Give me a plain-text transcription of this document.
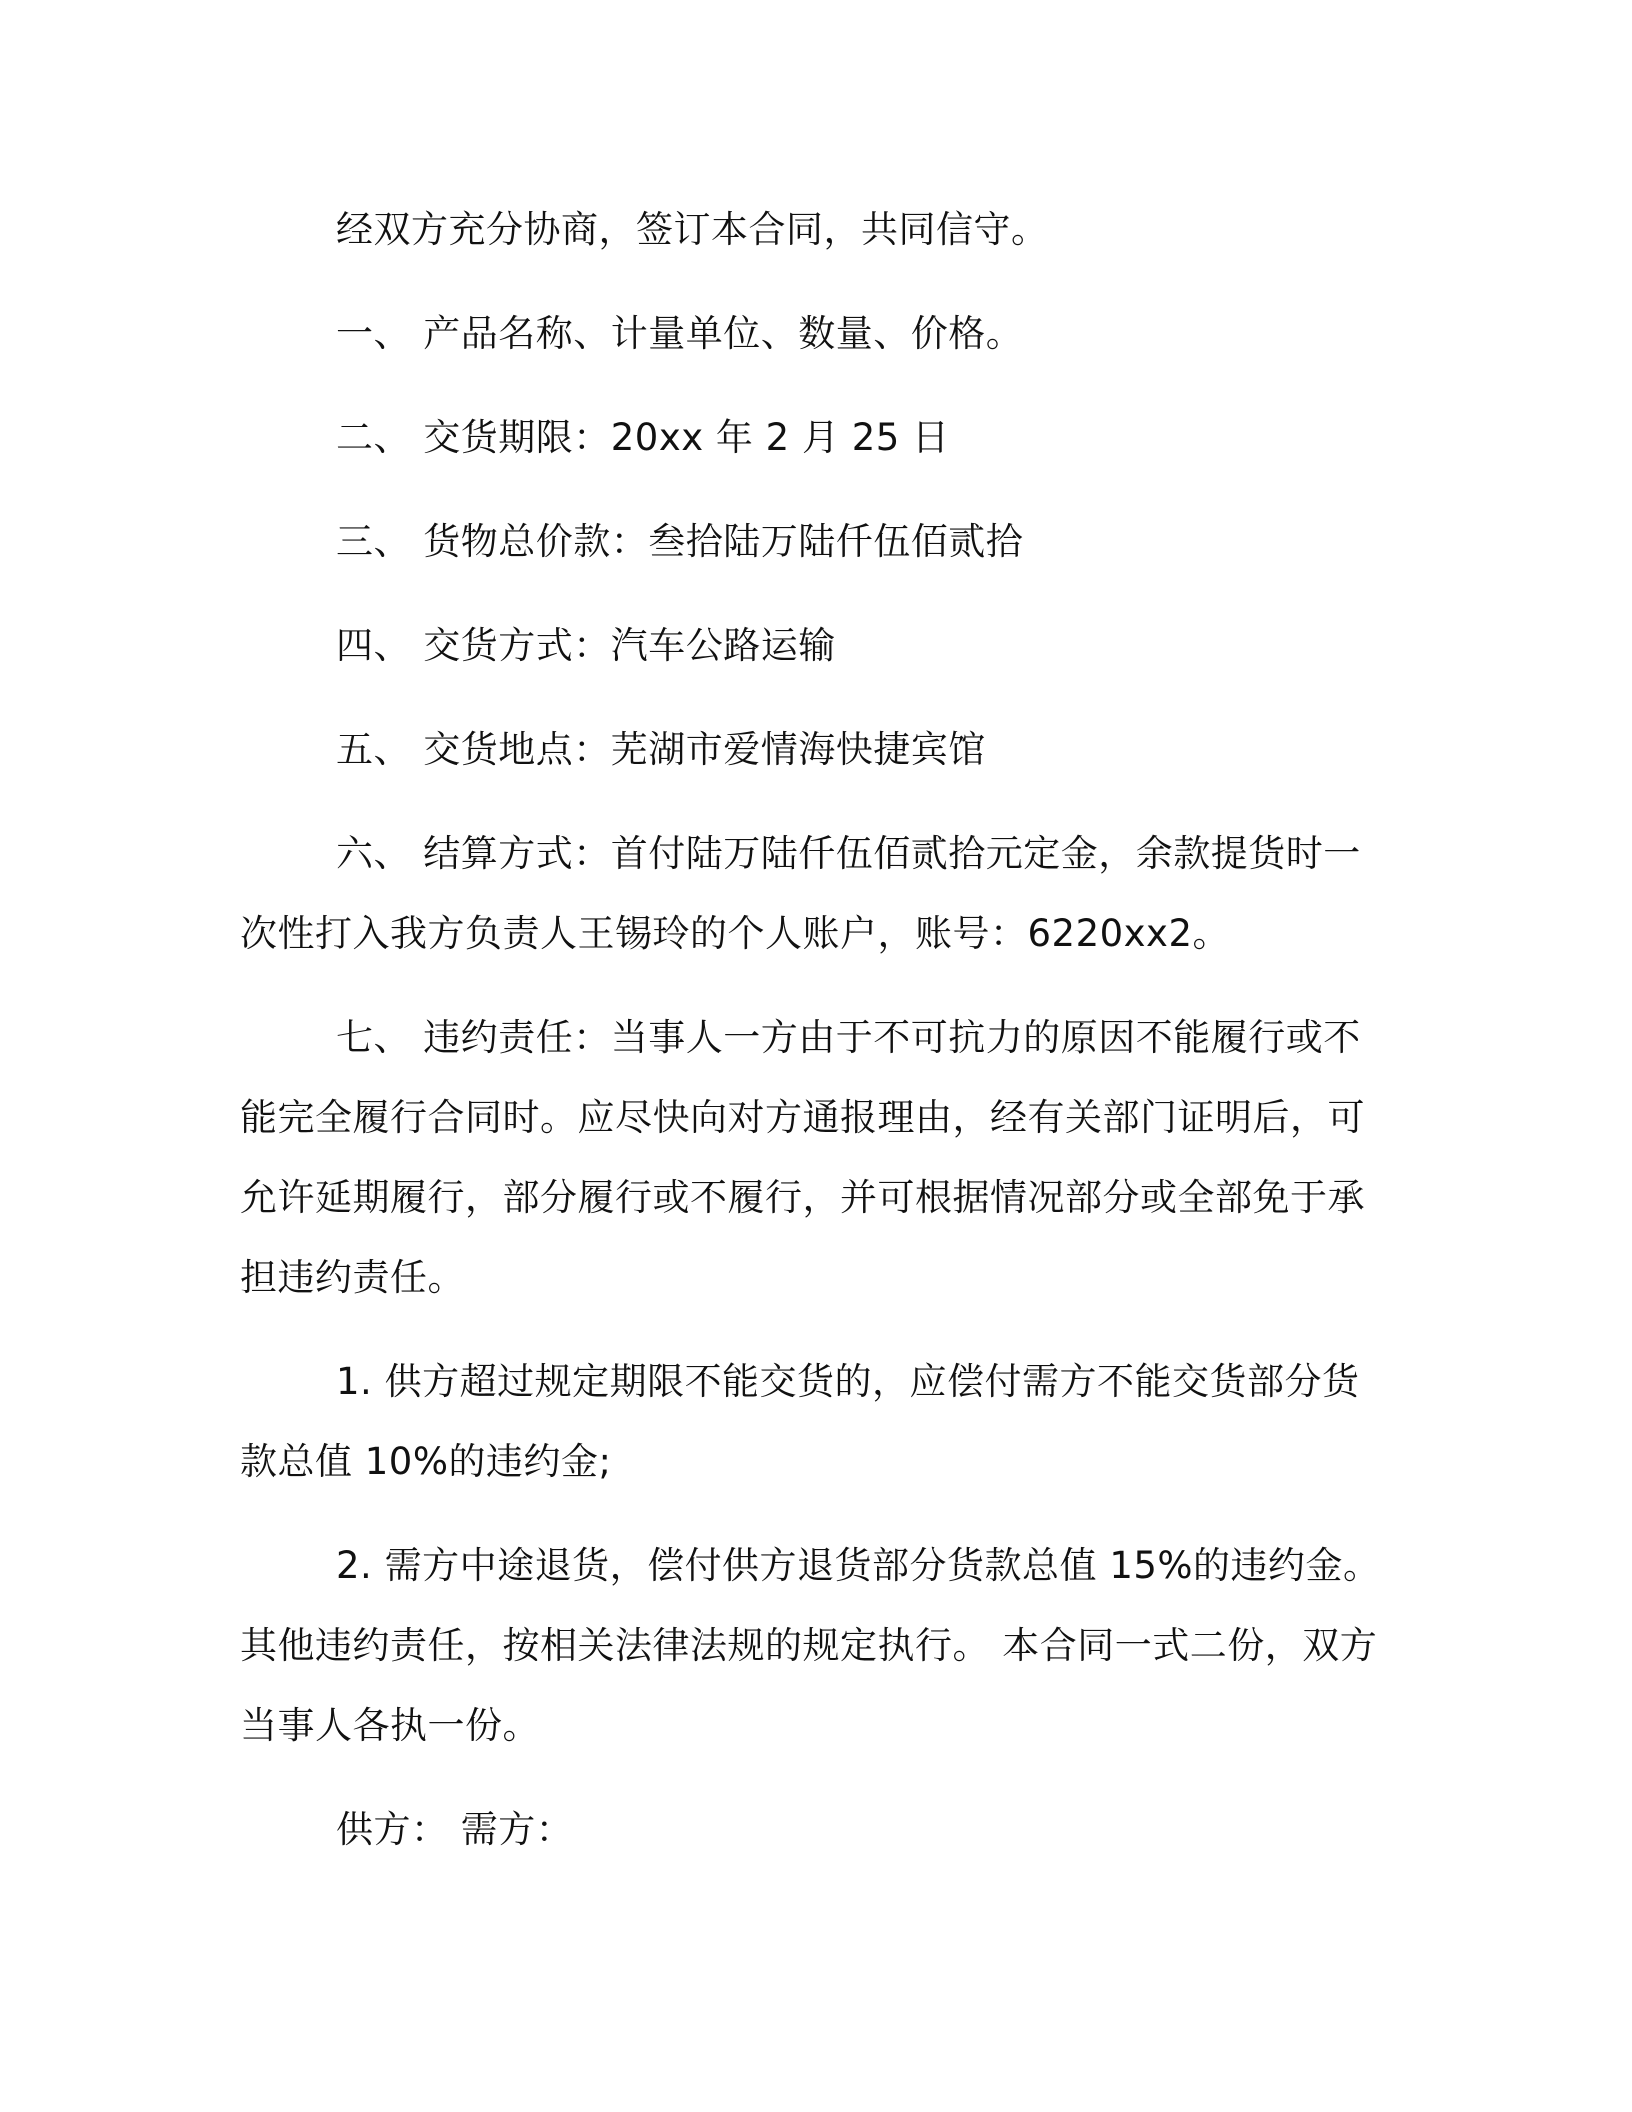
经双方充分协商，签订本合同，共同信守。

一、 产品名称、计量单位、数量、价格。

二、 交货期限：20xx 年 2 月 25 日

三、 货物总价款：叁拾陆万陆仟伍佰贰拾

四、 交货方式：汽车公路运输

五、 交货地点：芜湖市爱情海快捷宾馆

六、 结算方式：首付陆万陆仟伍佰贰拾元定金，余款提货时一次性打入我方负责人王锡玲的个人账户，账号：6220xx2。

七、 违约责任：当事人一方由于不可抗力的原因不能履行或不能完全履行合同时。应尽快向对方通报理由，经有关部门证明后，可允许延期履行，部分履行或不履行，并可根据情况部分或全部免于承担违约责任。

1. 供方超过规定期限不能交货的，应偿付需方不能交货部分货款总值 10%的违约金;

2. 需方中途退货，偿付供方退货部分货款总值 15%的违约金。其他违约责任，按相关法律法规的规定执行。 本合同一式二份，双方当事人各执一份。

供方： 需方：
